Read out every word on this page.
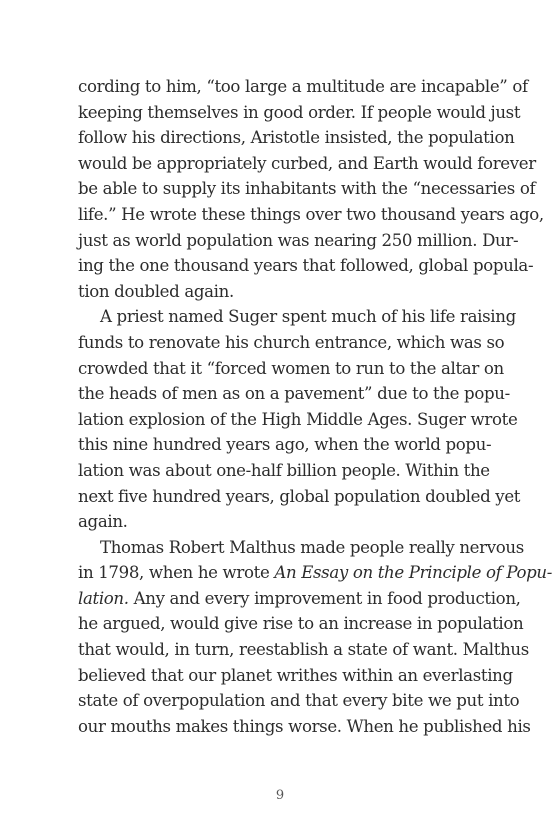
cording to him, “too large a multitude are incapable” of
keeping themselves in good order. If people would just
follow his directions, Aristotle insisted, the population
would be appropriately curbed, and Earth would forever
be able to supply its inhabitants with the “necessaries of
life.” He wrote these things over two thousand years ago,
just as world population was nearing 250 million. Dur-
ing the one thousand years that followed, global popula-
tion doubled again.
A priest named Suger spent much of his life raising
funds to renovate his church entrance, which was so
crowded that it “forced women to run to the altar on
the heads of men as on a pavement” due to the popu-
lation explosion of the High Middle Ages. Suger wrote
this nine hundred years ago, when the world popu-
lation was about one-half billion people. Within the
next five hundred years, global population doubled yet
again.
Thomas Robert Malthus made people really nervous
in 1798, when he wrote An Essay on the Principle of Popu-
lation. Any and every improvement in food production,
he argued, would give rise to an increase in population
that would, in turn, reestablish a state of want. Malthus
believed that our planet writhes within an everlasting
state of overpopulation and that every bite we put into
our mouths makes things worse. When he published his
9
